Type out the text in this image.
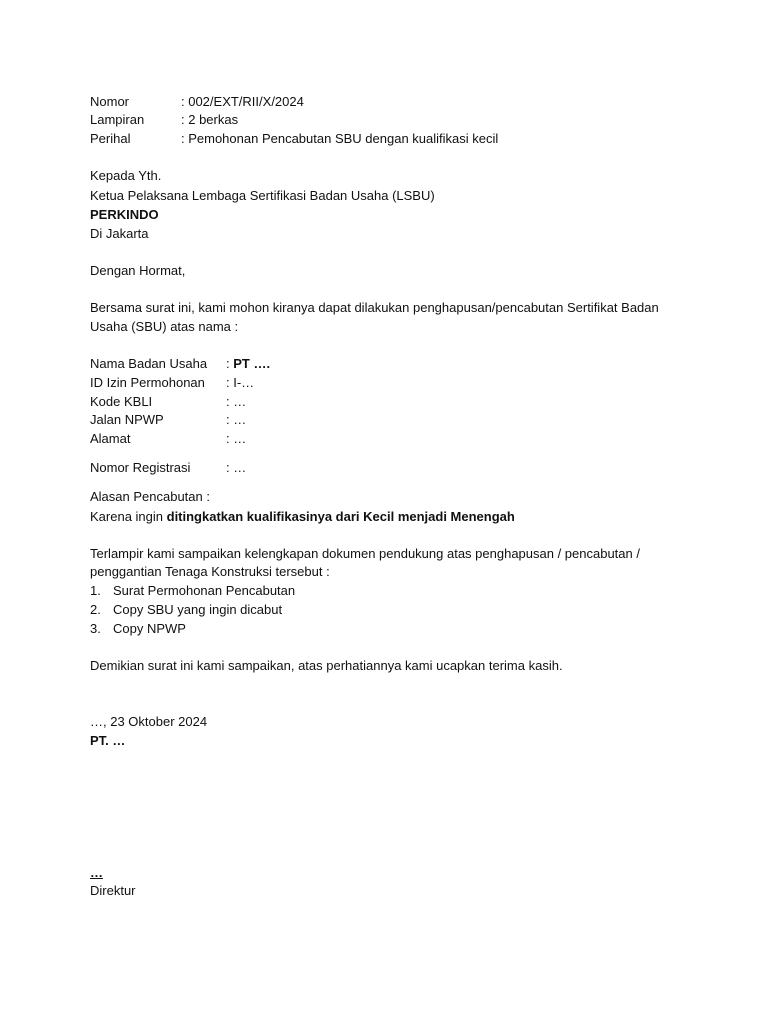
Nomor	: 002/EXT/RII/X/2024
Lampiran	: 2 berkas
Perihal	: Pemohonan Pencabutan SBU dengan kualifikasi kecil
Kepada Yth.
Ketua Pelaksana Lembaga Sertifikasi Badan Usaha (LSBU)
PERKINDO
Di Jakarta
Dengan Hormat,
Bersama surat ini, kami mohon kiranya dapat dilakukan penghapusan/pencabutan Sertifikat Badan
Usaha (SBU) atas nama :
Nama Badan Usaha : PT ….
ID Izin Permohonan : I-…
Kode KBLI	: …
Jalan NPWP	: …
Alamat	: …
Nomor Registrasi	: …
Alasan Pencabutan :
Karena ingin ditingkatkan kualifikasinya dari Kecil menjadi Menengah
Terlampir kami sampaikan kelengkapan dokumen pendukung atas penghapusan / pencabutan /
penggantian Tenaga Konstruksi tersebut :
1. Surat Permohonan Pencabutan
2. Copy SBU yang ingin dicabut
3. Copy NPWP
Demikian surat ini kami sampaikan, atas perhatiannya kami ucapkan terima kasih.
…, 23 Oktober 2024
PT. …
…
Direktur
